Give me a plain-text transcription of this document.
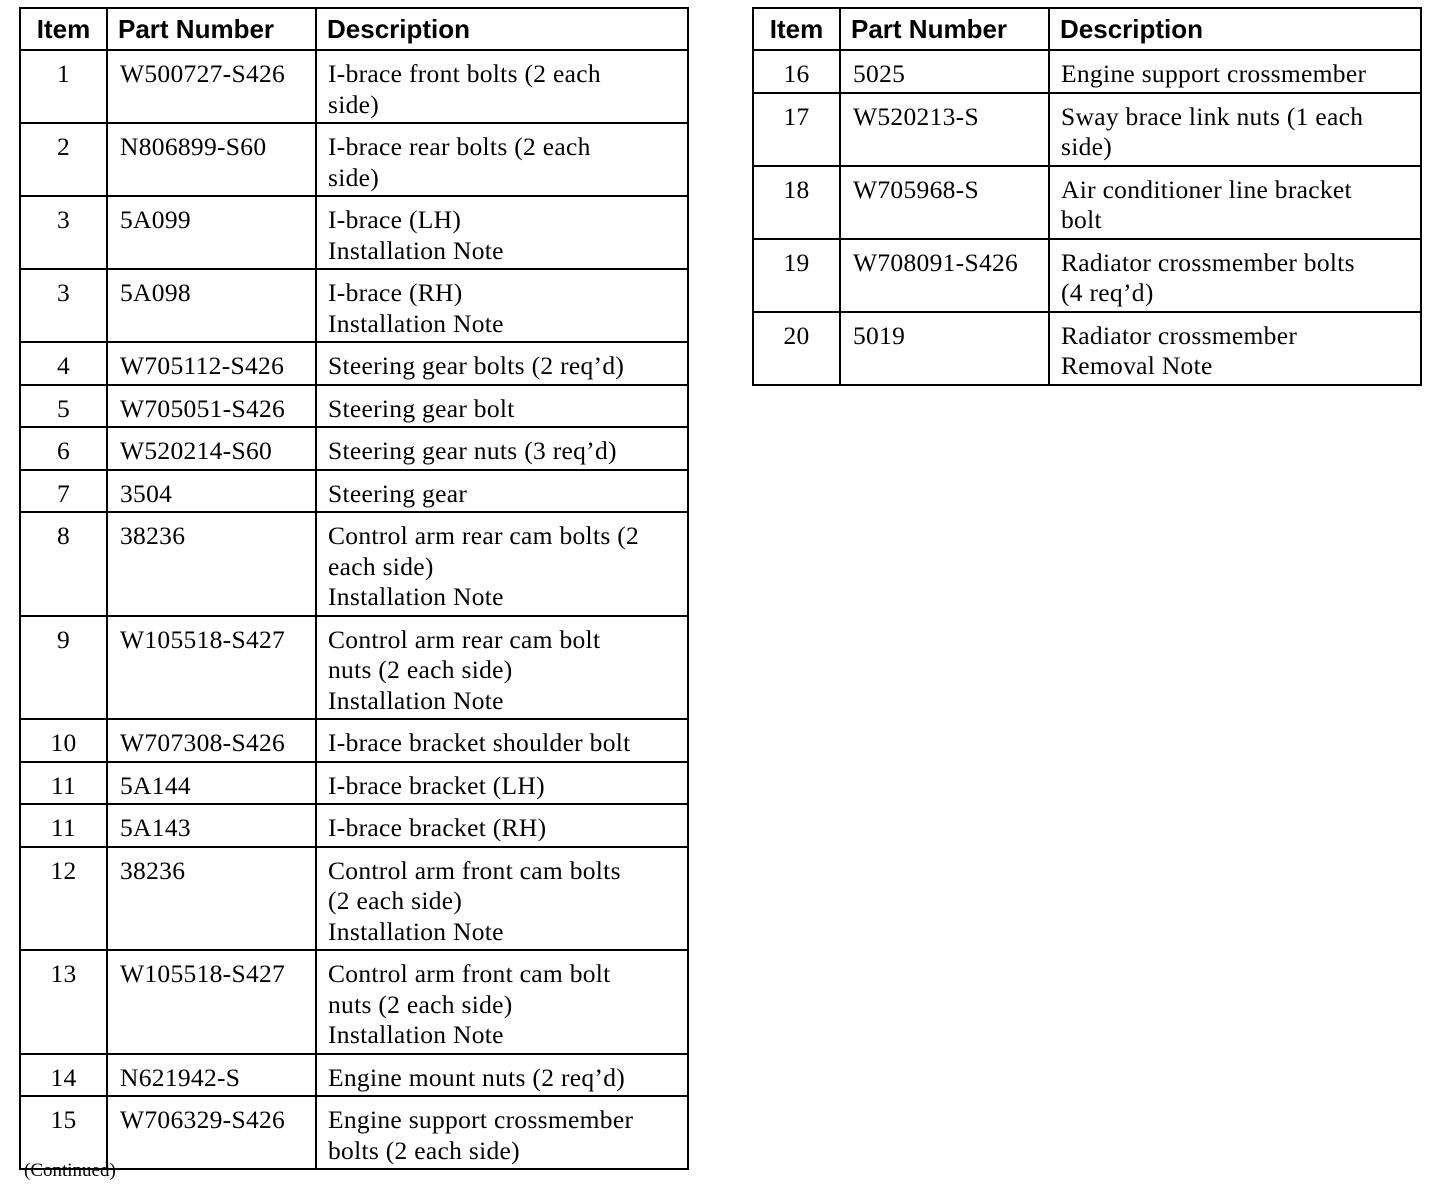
Item	Part Number	Description
1	W500727-S426	I-brace front bolts (2 each
side)

2	N806899-S60	I-brace rear bolts (2 each
side)

3	5A099	I-brace (LH)
Installation Note

3	5A098	I-brace (RH)
Installation Note

4	W705112-S426	Steering gear bolts (2 req’d)

5	W705051-S426	Steering gear bolt

6	W520214-S60	Steering gear nuts (3 req’d)

7	3504	Steering gear

8	38236	Control arm rear cam bolts (2
each side)
Installation Note

9	W105518-S427	Control arm rear cam bolt
nuts (2 each side)
Installation Note

10	W707308-S426	I-brace bracket shoulder bolt

11	5A144	I-brace bracket (LH)

11	5A143	I-brace bracket (RH)

12	38236	Control arm front cam bolts
(2 each side)
Installation Note

13	W105518-S427	Control arm front cam bolt
nuts (2 each side)
Installation Note

14	N621942-S	Engine mount nuts (2 req’d)

15	W706329-S426	Engine support crossmember
bolts (2 each side)
Item	Part Number	Description
16	5025	Engine support crossmember

17	W520213-S	Sway brace link nuts (1 each
side)

18	W705968-S	Air conditioner line bracket
bolt

19	W708091-S426	Radiator crossmember bolts
(4 req’d)

20	5019	Radiator crossmember
Removal Note
(Continued)
